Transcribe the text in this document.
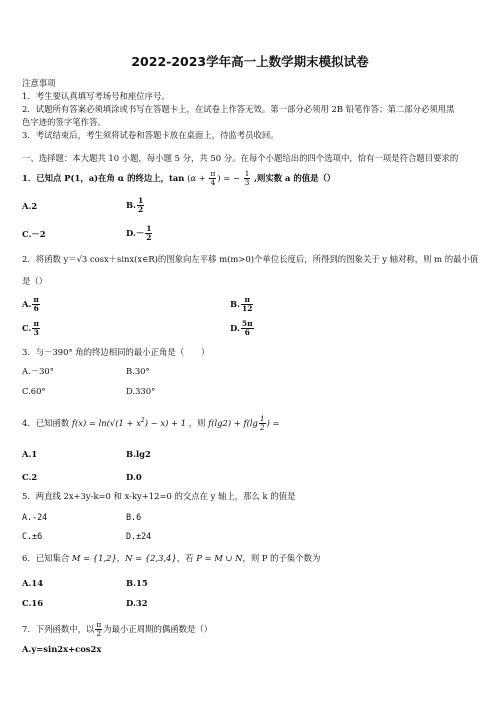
2022-2023学年高一上数学期末模拟试卷
注意事项
1．考生要认真填写考场号和座位序号。
2．试题所有答案必须填涂或书写在答题卡上，在试卷上作答无效。第一部分必须用 2B 铅笔作答；第二部分必须用黑
色字迹的签字笔作答。
3．考试结束后，考生须将试卷和答题卡放在桌面上，待监考员收回。
一、选择题：本大题共 10 小题，每小题 5 分，共 50 分。在每个小题给出的四个选项中，恰有一项是符合题目要求的
1．已知点 P(1，a)在角 α 的终边上，$\tan (\alpha + \frac{\pi}{4}$ ) = − $\frac{1}{3}$ ,则实数 a 的值是（）
A.2	B. $\frac{1}{2}$
C.－2	$D.- \frac{1}{2}$
2．将函数 y＝√3 cosx＋sinx(x∈R)的图象向左平移 m(m>0)个单位长度后，所得到的图象关于 y 轴对称，则 m 的最小值
是（）
A. $\frac{\pi}{6}$	B. $\frac{\pi}{12}$
C. $\frac{\pi}{3}$	D. $\frac{5\pi}{6}$
3．与－390° 角的终边相同的最小正角是（　　）
A.－30°	B.30°
C.60°	D.330°
4．已知函数 $f(x) = \ln(√(1 + x^2) - x) + 1$ ，则 $f(\lg 2) + f(\lg \frac{1}{2}$ ) =
A.1	B.lg2
C.2	D.0
5．两直线 2x+3y-k=0 和 x-ky+12=0 的交点在 y 轴上，那么 k 的值是
A.-24	B.6
C.±6	D.±24
6．已知集合 M = {1,2}，N = {2,3,4}，若 P = M ∪ N，则 P 的子集个数为
A.14	B.15
C.16	D.32
7．下列函数中，以 $\frac{\pi}{2}$ 为最小正周期的偶函数是（）
A.y=sin2x+cos2x
